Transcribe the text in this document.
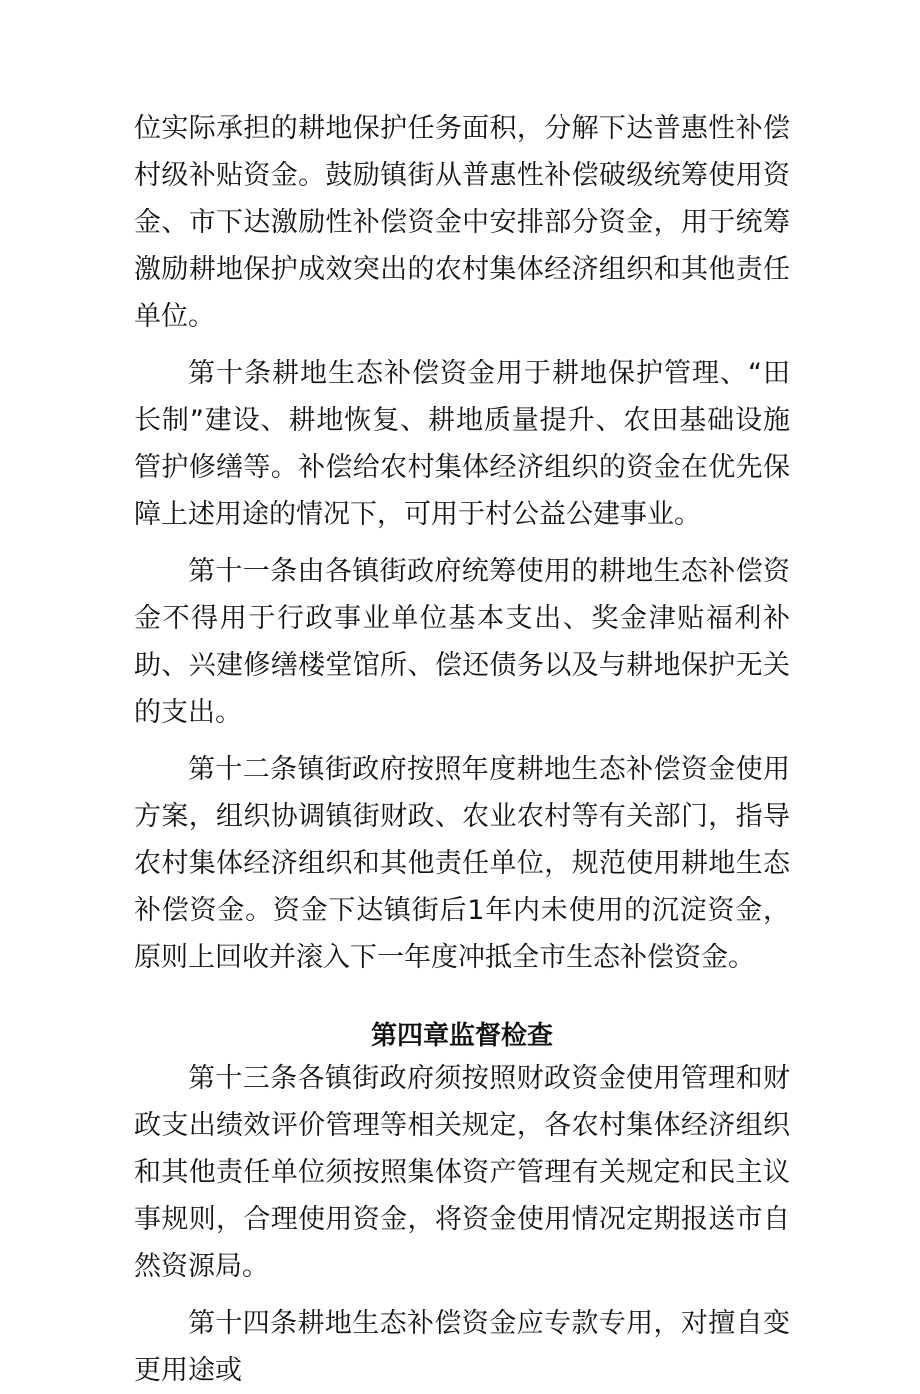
位实际承担的耕地保护任务面积，分解下达普惠性补偿村级补贴资金。鼓励镇街从普惠性补偿破级统筹使用资金、市下达激励性补偿资金中安排部分资金，用于统筹激励耕地保护成效突出的农村集体经济组织和其他责任单位。

第十条耕地生态补偿资金用于耕地保护管理、“田长制”建设、耕地恢复、耕地质量提升、农田基础设施管护修缮等。补偿给农村集体经济组织的资金在优先保障上述用途的情况下，可用于村公益公建事业。

第十一条由各镇街政府统筹使用的耕地生态补偿资金不得用于行政事业单位基本支出、奖金津贴福利补助、兴建修缮楼堂馆所、偿还债务以及与耕地保护无关的支出。

第十二条镇街政府按照年度耕地生态补偿资金使用方案，组织协调镇街财政、农业农村等有关部门，指导农村集体经济组织和其他责任单位，规范使用耕地生态补偿资金。资金下达镇街后1年内未使用的沉淀资金，原则上回收并滚入下一年度冲抵全市生态补偿资金。

第四章监督检查

第十三条各镇街政府须按照财政资金使用管理和财政支出绩效评价管理等相关规定，各农村集体经济组织和其他责任单位须按照集体资产管理有关规定和民主议事规则，合理使用资金，将资金使用情况定期报送市自然资源局。

第十四条耕地生态补偿资金应专款专用，对擅自变更用途或
